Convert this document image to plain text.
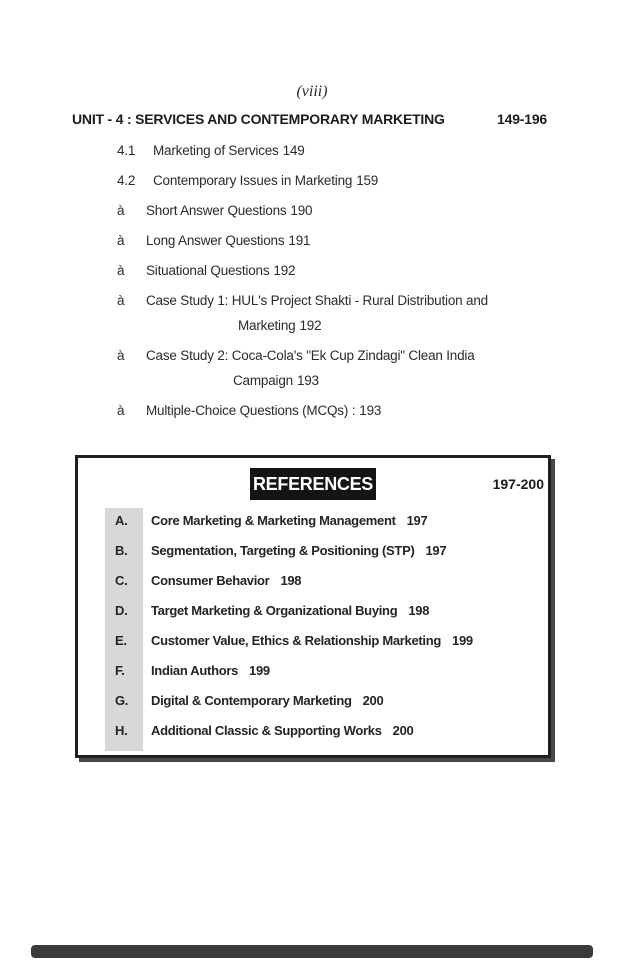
(viii)
UNIT - 4 : SERVICES AND CONTEMPORARY MARKETING	149-196
4.1	Marketing of Services 149
4.2	Contemporary Issues in Marketing 159
à	Short Answer Questions 190
à	Long Answer Questions 191
à	Situational Questions 192
à	Case Study 1: HUL's Project Shakti - Rural Distribution and
Marketing 192
à	Case Study 2: Coca-Cola's "Ek Cup Zindagi" Clean India
Campaign 193
à	Multiple-Choice Questions (MCQs) : 193
REFERENCES	197-200
A.	Core Marketing & Marketing Management 197
B.	Segmentation, Targeting & Positioning (STP) 197
C.	Consumer Behavior 198
D.	Target Marketing & Organizational Buying 198
E.	Customer Value, Ethics & Relationship Marketing 199
F.	Indian Authors 199
G.	Digital & Contemporary Marketing 200
H.	Additional Classic & Supporting Works 200
